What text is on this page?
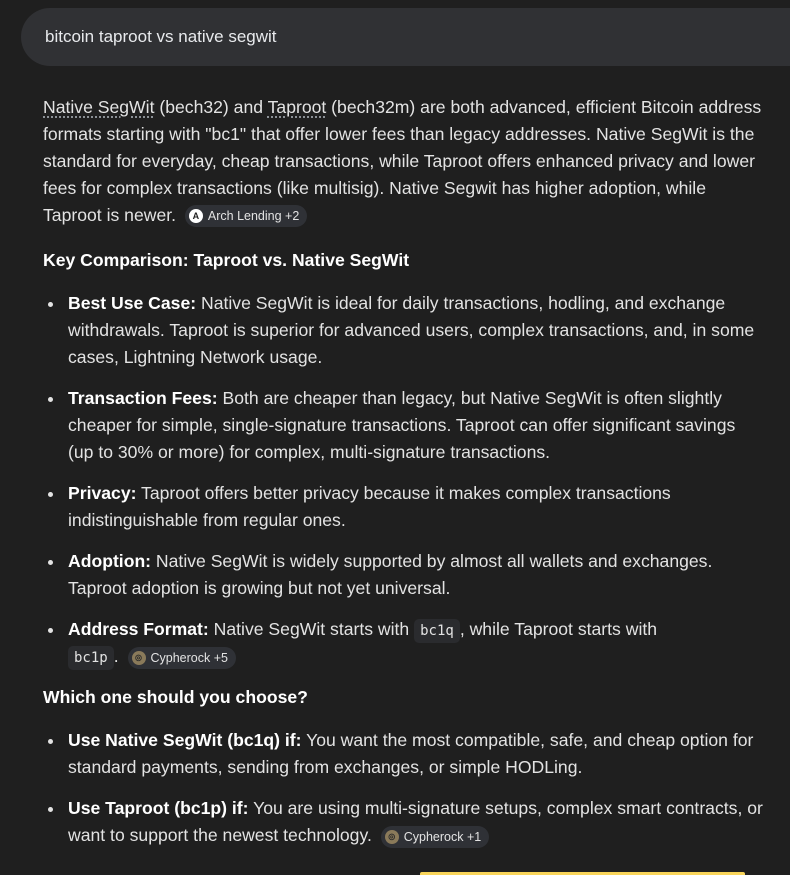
bitcoin taproot vs native segwit

Native SegWit (bech32) and Taproot (bech32m) are both advanced, efficient Bitcoin address formats starting with "bc1" that offer lower fees than legacy addresses. Native SegWit is the standard for everyday, cheap transactions, while Taproot offers enhanced privacy and lower fees for complex transactions (like multisig). Native Segwit has higher adoption, while Taproot is newer.	A Arch Lending +2

Key Comparison: Taproot vs. Native SegWit
Best Use Case: Native SegWit is ideal for daily transactions, hodling, and exchange withdrawals. Taproot is superior for advanced users, complex transactions, and, in some cases, Lightning Network usage.
Transaction Fees: Both are cheaper than legacy, but Native SegWit is often slightly cheaper for simple, single-signature transactions. Taproot can offer significant savings (up to 30% or more) for complex, multi-signature transactions.
Privacy: Taproot offers better privacy because it makes complex transactions indistinguishable from regular ones.
Adoption: Native SegWit is widely supported by almost all wallets and exchanges. Taproot adoption is growing but not yet universal.
Address Format: Native SegWit starts with bc1q , while Taproot starts with
bc1p .	◎ Cypherock +5
Which one should you choose?
Use Native SegWit (bc1q) if: You want the most compatible, safe, and cheap option for standard payments, sending from exchanges, or simple HODLing.
Use Taproot (bc1p) if: You are using multi-signature setups, complex smart contracts, or want to support the newest technology.	◎ Cypherock +1
